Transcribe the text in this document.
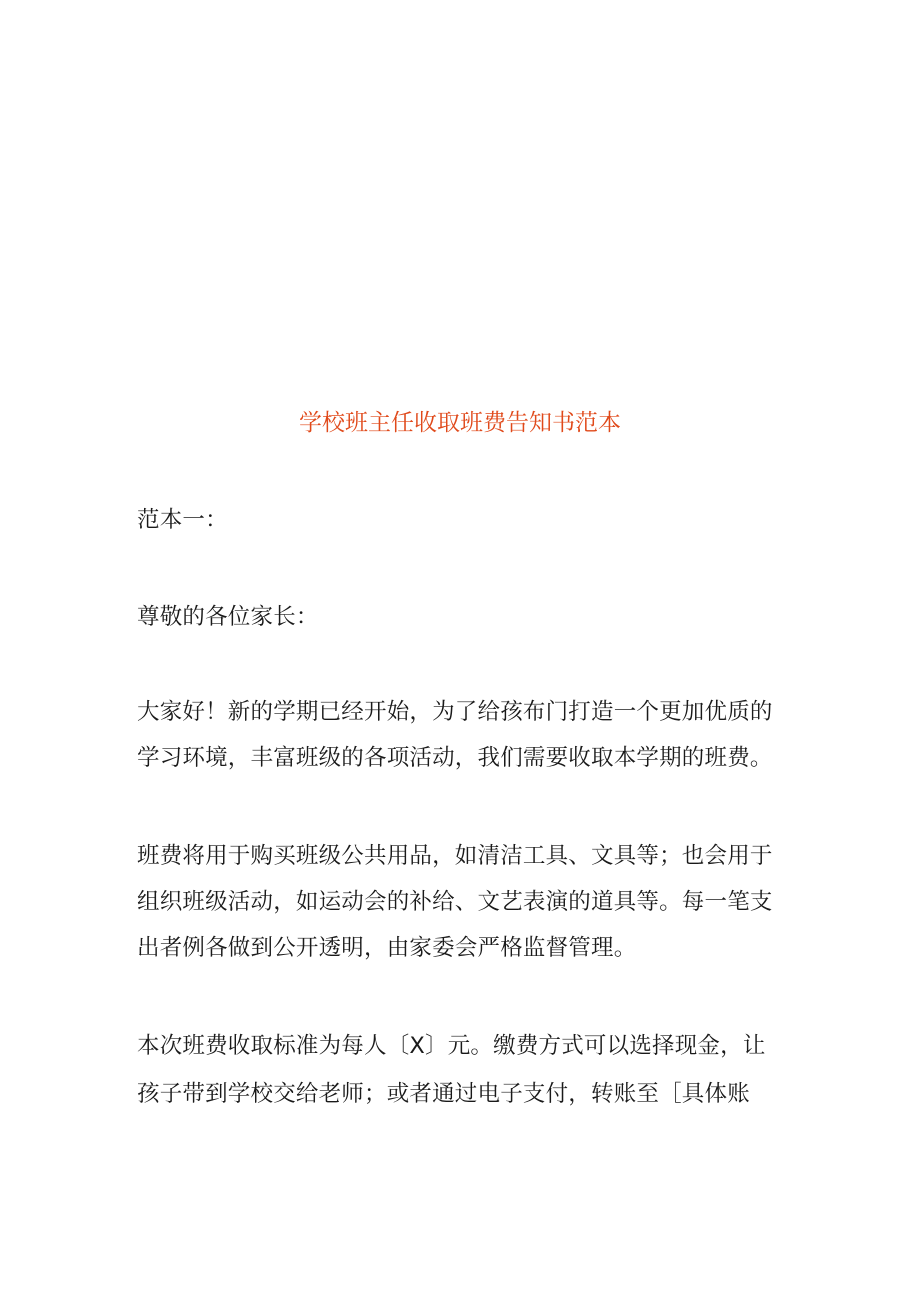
学校班主任收取班费告知书范本
范本一：
尊敬的各位家长：
大家好！新的学期已经开始，为了给孩布门打造一个更加优质的
学习环境，丰富班级的各项活动，我们需要收取本学期的班费。
班费将用于购买班级公共用品，如清洁工具、文具等；也会用于
组织班级活动，如运动会的补给、文艺表演的道具等。每一笔支
出者例各做到公开透明，由家委会严格监督管理。
本次班费收取标准为每人〔X〕元。缴费方式可以选择现金，让
孩子带到学校交给老师；或者通过电子支付，转账至［具体账
